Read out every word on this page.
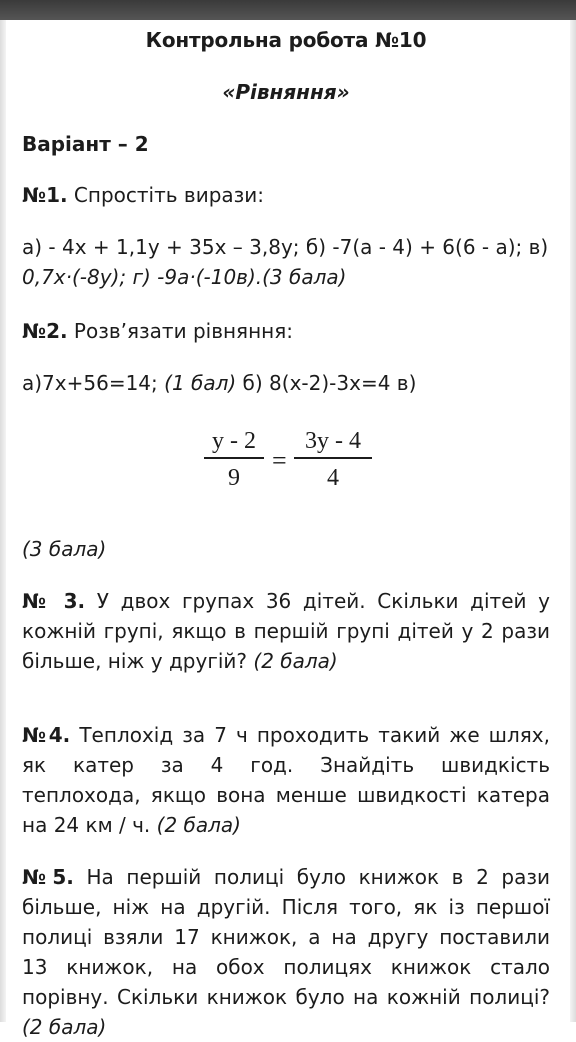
Контрольна робота №10
«Рівняння»
Варіант – 2
№1. Спростіть вирази:
а) - 4x + 1,1y + 35x – 3,8y; б) -7(a - 4) + 6(6 - a); в)
0,7х·(-8у); г) -9а·(-10в).(3 бала)
№2. Розв’язати рівняння:
а)7х+56=14; (1 бал) б) 8(х-2)-3х=4 в)
y - 2
9
=
3y - 4
4
(3 бала)
№ 3. У двох групах 36 дітей. Скільки дітей у кожній групі, якщо в першій групі дітей у 2 рази більше, ніж у другій? (2 бала)
№4. Теплохід за 7 ч проходить такий же шлях, як катер за 4 год. Знайдіть швидкість теплохода, якщо вона менше швидкості катера на 24 км / ч. (2 бала)
№5. На першій полиці було книжок в 2 рази більше, ніж на другій. Після того, як із першої полиці взяли 17 книжок, а на другу поставили 13 книжок, на обох полицях книжок стало порівну. Скільки книжок було на кожній полиці? (2 бала)
